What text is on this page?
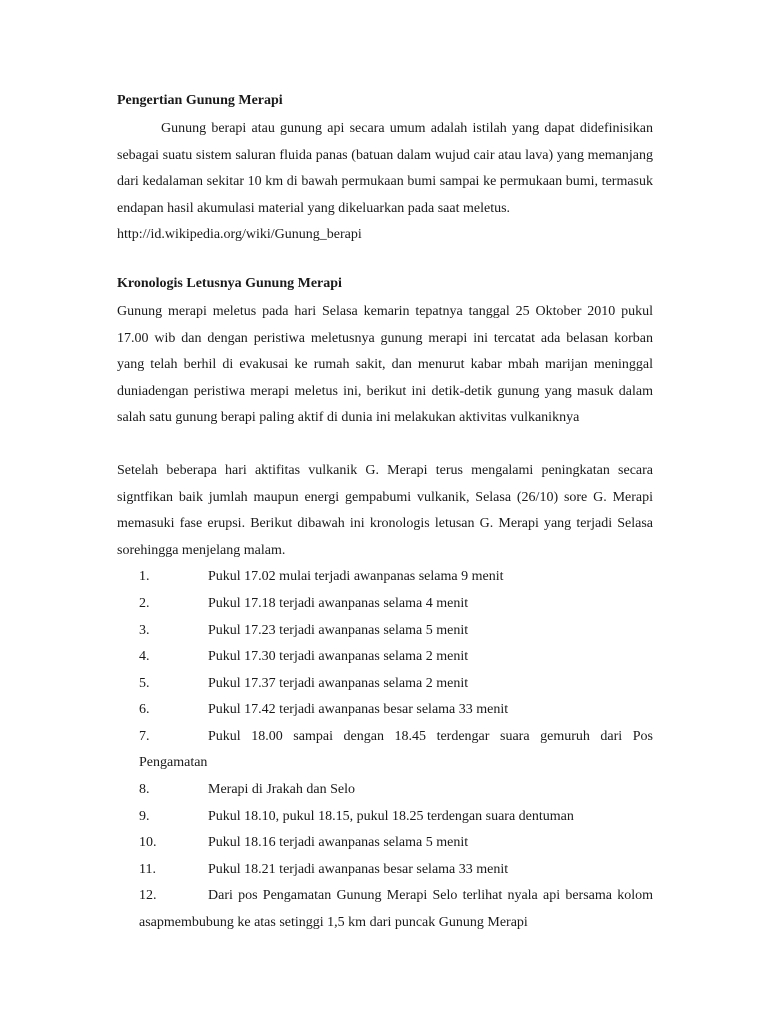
Pengertian Gunung Merapi

Gunung berapi atau gunung api secara umum adalah istilah yang dapat didefinisikan sebagai suatu sistem saluran fluida panas (batuan dalam wujud cair atau lava) yang memanjang dari kedalaman sekitar 10 km di bawah permukaan bumi sampai ke permukaan bumi, termasuk endapan hasil akumulasi material yang dikeluarkan pada saat meletus.

http://id.wikipedia.org/wiki/Gunung_berapi

Kronologis Letusnya Gunung Merapi

Gunung merapi meletus pada hari Selasa kemarin tepatnya tanggal 25 Oktober 2010 pukul 17.00 wib dan dengan peristiwa meletusnya gunung merapi ini tercatat ada belasan korban yang telah berhil di evakusai ke rumah sakit, dan menurut kabar mbah marijan meninggal duniadengan peristiwa merapi meletus ini, berikut ini detik-detik gunung yang masuk dalam salah satu gunung berapi paling aktif di dunia ini melakukan aktivitas vulkaniknya

Setelah beberapa hari aktifitas vulkanik G. Merapi terus mengalami peningkatan secara signtfikan baik jumlah maupun energi gempabumi vulkanik, Selasa (26/10) sore G. Merapi memasuki fase erupsi. Berikut dibawah ini kronologis letusan G. Merapi yang terjadi Selasa sorehingga menjelang malam.

1.	Pukul 17.02 mulai terjadi awanpanas selama 9 menit
2.	Pukul 17.18 terjadi awanpanas selama 4 menit
3.	Pukul 17.23 terjadi awanpanas selama 5 menit
4.	Pukul 17.30 terjadi awanpanas selama 2 menit
5.	Pukul 17.37 terjadi awanpanas selama 2 menit
6.	Pukul 17.42 terjadi awanpanas besar selama 33 menit
7.	Pukul 18.00 sampai dengan 18.45 terdengar suara gemuruh dari Pos Pengamatan
8.	Merapi di Jrakah dan Selo
9.	Pukul 18.10, pukul 18.15, pukul 18.25 terdengan suara dentuman
10.	Pukul 18.16 terjadi awanpanas selama 5 menit
11.	Pukul 18.21 terjadi awanpanas besar selama 33 menit
12.	Dari pos Pengamatan Gunung Merapi Selo terlihat nyala api bersama kolom asapmembubung ke atas setinggi 1,5 km dari puncak Gunung Merapi
